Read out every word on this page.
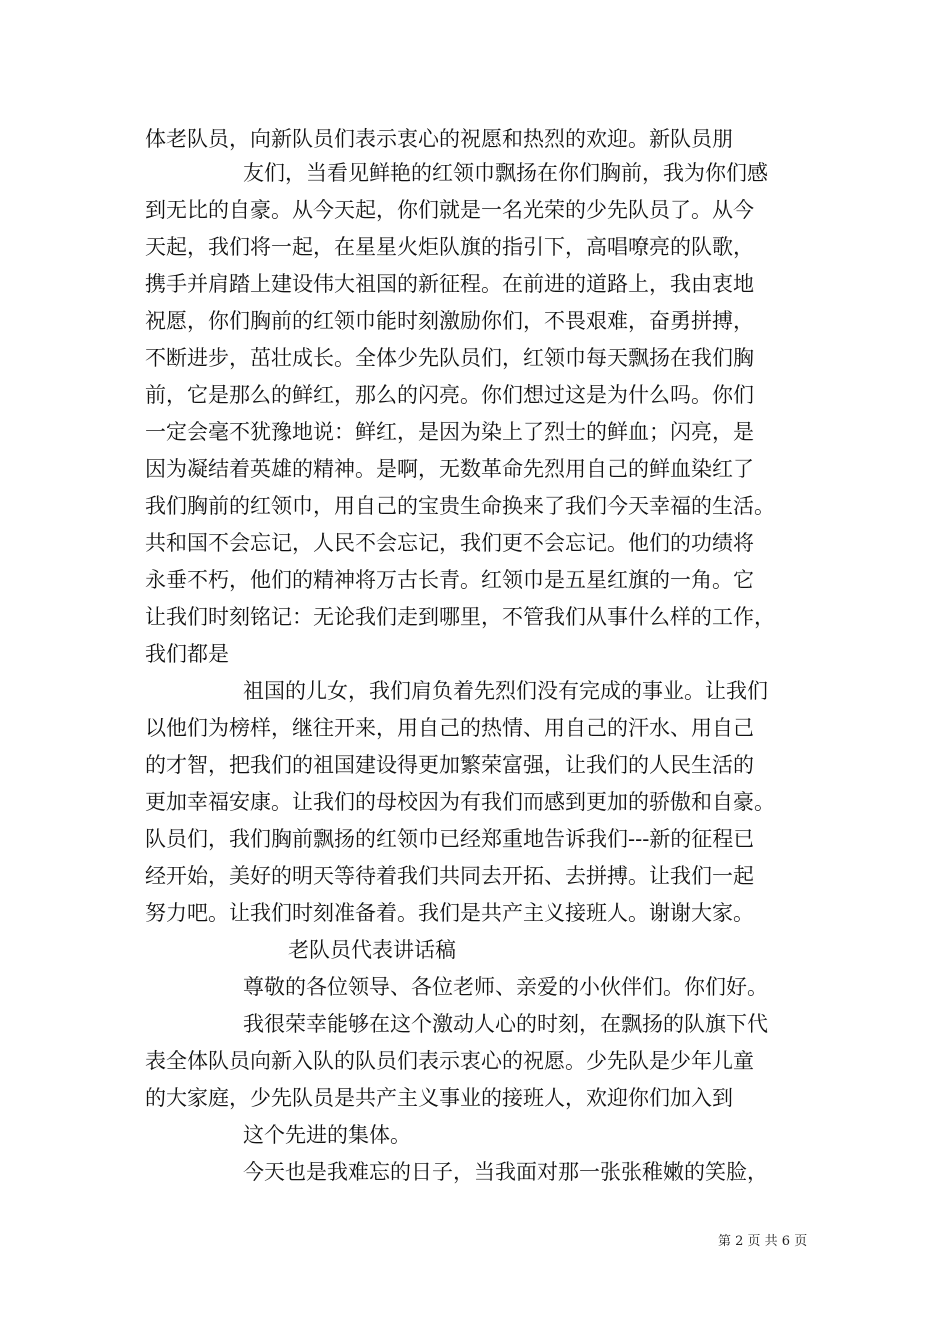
体老队员，向新队员们表示衷心的祝愿和热烈的欢迎。新队员朋
友们，当看见鲜艳的红领巾飘扬在你们胸前，我为你们感
到无比的自豪。从今天起，你们就是一名光荣的少先队员了。从今
天起，我们将一起，在星星火炬队旗的指引下，高唱嘹亮的队歌，
携手并肩踏上建设伟大祖国的新征程。在前进的道路上，我由衷地
祝愿，你们胸前的红领巾能时刻激励你们，不畏艰难，奋勇拼搏，
不断进步，茁壮成长。全体少先队员们，红领巾每天飘扬在我们胸
前，它是那么的鲜红，那么的闪亮。你们想过这是为什么吗。你们
一定会毫不犹豫地说：鲜红，是因为染上了烈士的鲜血；闪亮，是
因为凝结着英雄的精神。是啊，无数革命先烈用自己的鲜血染红了
我们胸前的红领巾，用自己的宝贵生命换来了我们今天幸福的生活。
共和国不会忘记，人民不会忘记，我们更不会忘记。他们的功绩将
永垂不朽，他们的精神将万古长青。红领巾是五星红旗的一角。它
让我们时刻铭记：无论我们走到哪里，不管我们从事什么样的工作，
我们都是
祖国的儿女，我们肩负着先烈们没有完成的事业。让我们
以他们为榜样，继往开来，用自己的热情、用自己的汗水、用自己
的才智，把我们的祖国建设得更加繁荣富强，让我们的人民生活的
更加幸福安康。让我们的母校因为有我们而感到更加的骄傲和自豪。
队员们，我们胸前飘扬的红领巾已经郑重地告诉我们---新的征程已
经开始，美好的明天等待着我们共同去开拓、去拼搏。让我们一起
努力吧。让我们时刻准备着。我们是共产主义接班人。谢谢大家。
老队员代表讲话稿
尊敬的各位领导、各位老师、亲爱的小伙伴们。你们好。
我很荣幸能够在这个激动人心的时刻，在飘扬的队旗下代
表全体队员向新入队的队员们表示衷心的祝愿。少先队是少年儿童
的大家庭，少先队员是共产主义事业的接班人，欢迎你们加入到
这个先进的集体。
今天也是我难忘的日子，当我面对那一张张稚嫩的笑脸，
第 2 页 共 6 页
